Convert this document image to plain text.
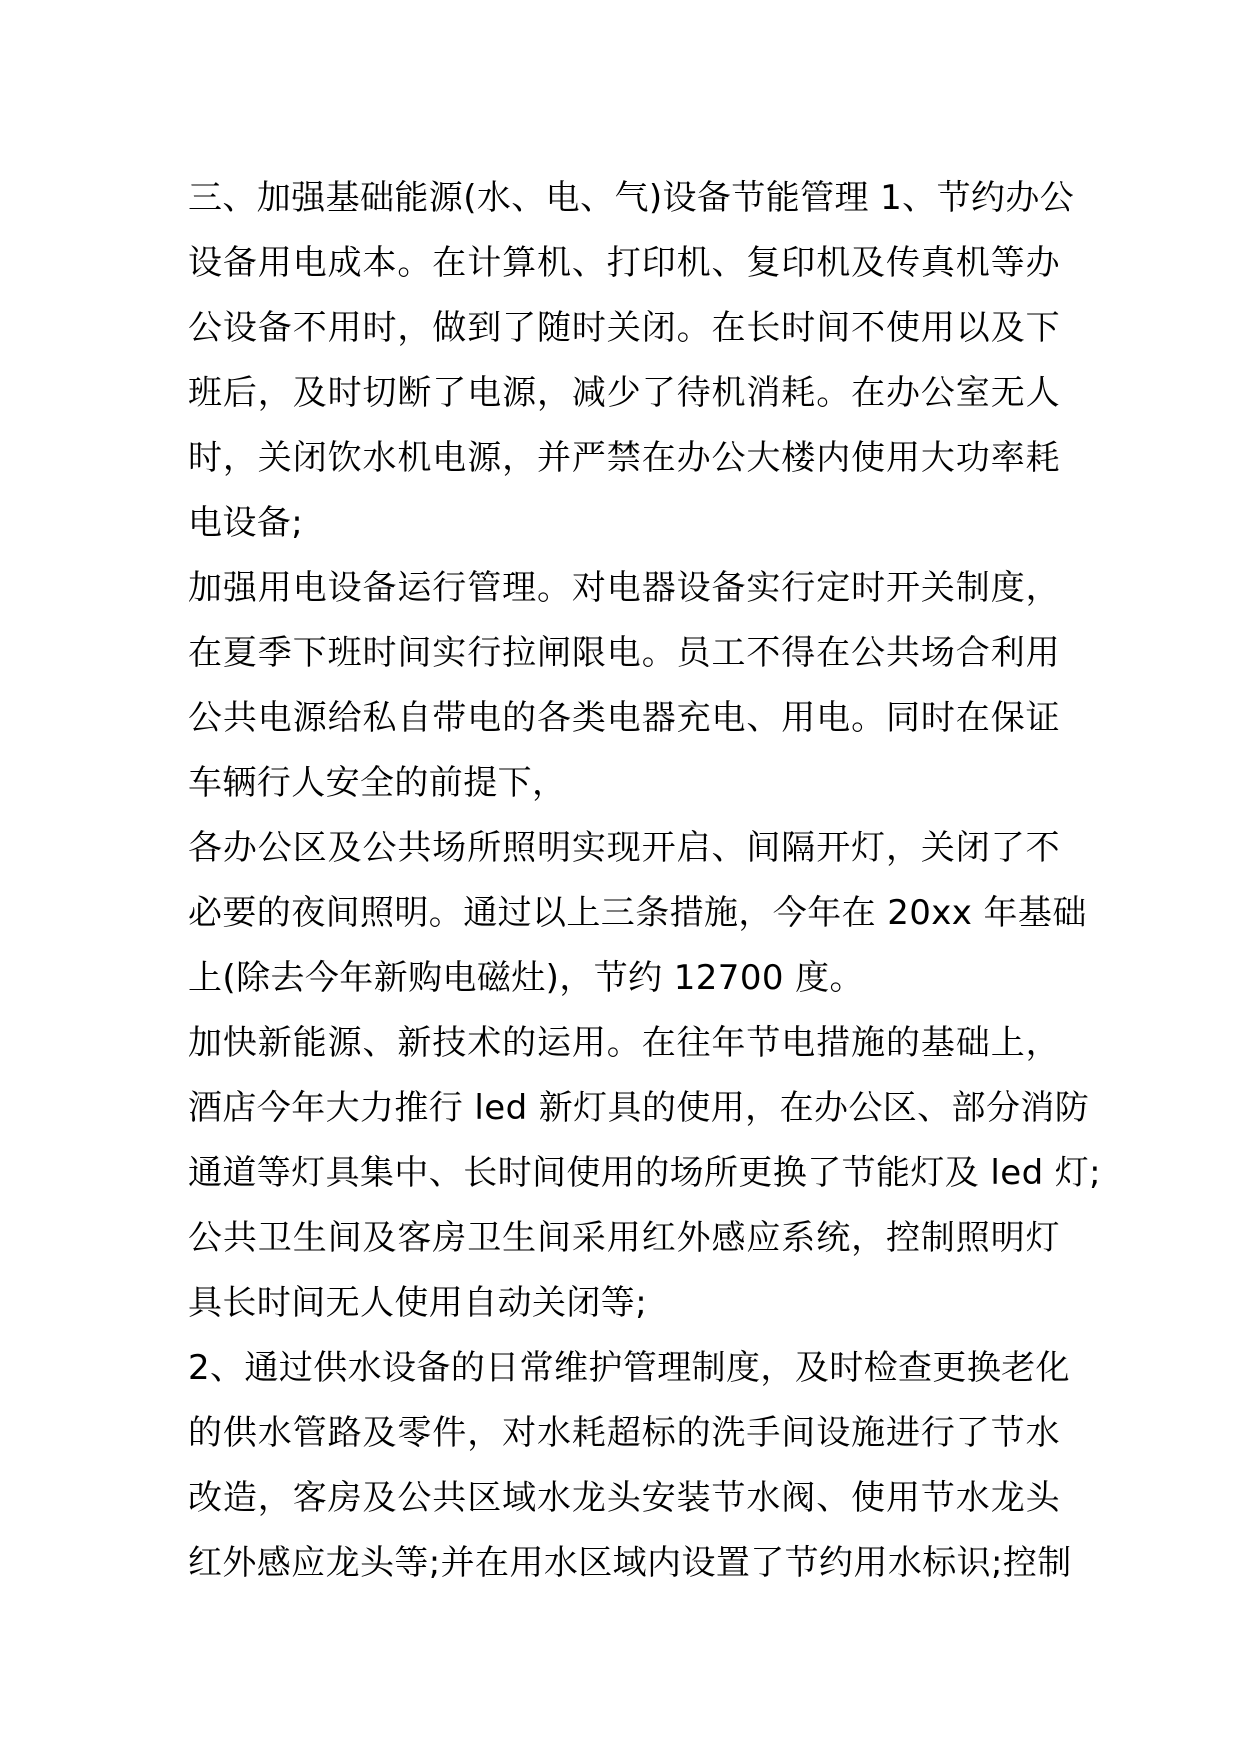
三、加强基础能源(水、电、气)设备节能管理 1、节约办公
设备用电成本。在计算机、打印机、复印机及传真机等办
公设备不用时，做到了随时关闭。在长时间不使用以及下
班后，及时切断了电源，减少了待机消耗。在办公室无人
时，关闭饮水机电源，并严禁在办公大楼内使用大功率耗
电设备;

加强用电设备运行管理。对电器设备实行定时开关制度，
在夏季下班时间实行拉闸限电。员工不得在公共场合利用
公共电源给私自带电的各类电器充电、用电。同时在保证
车辆行人安全的前提下，

各办公区及公共场所照明实现开启、间隔开灯，关闭了不
必要的夜间照明。通过以上三条措施，今年在 20xx 年基础
上(除去今年新购电磁灶)，节约 12700 度。

加快新能源、新技术的运用。在往年节电措施的基础上，
酒店今年大力推行 led 新灯具的使用，在办公区、部分消防
通道等灯具集中、长时间使用的场所更换了节能灯及 led 灯;
公共卫生间及客房卫生间采用红外感应系统，控制照明灯
具长时间无人使用自动关闭等;

2、通过供水设备的日常维护管理制度，及时检查更换老化
的供水管路及零件，对水耗超标的洗手间设施进行了节水
改造，客房及公共区域水龙头安装节水阀、使用节水龙头
红外感应龙头等;并在用水区域内设置了节约用水标识;控制
